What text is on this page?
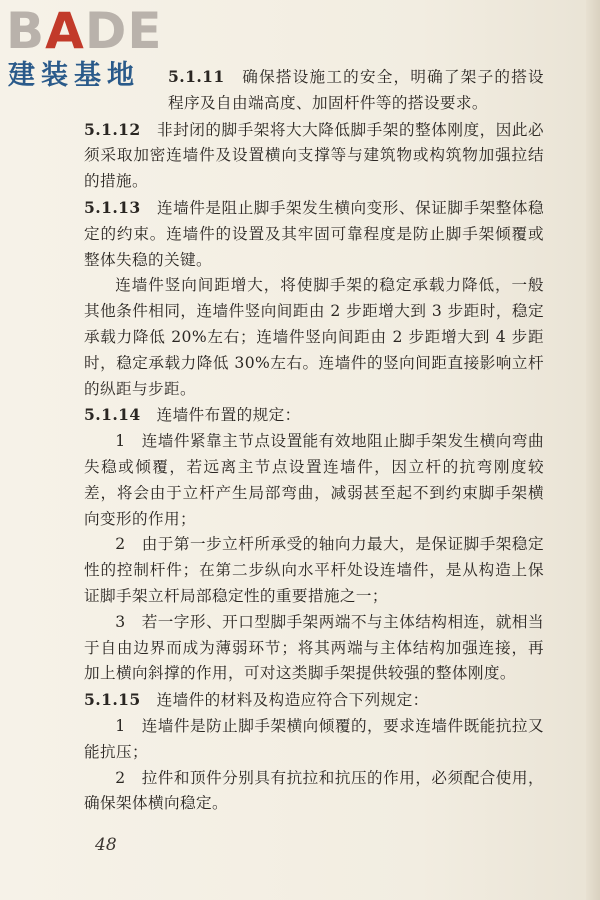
BADE
建装基地	5.1.11　 确保搭设施工的安全，明确了架子的搭设程序及自由端高度、加固杆件等的搭设要求。

5.1.12　 非封闭的脚手架将大大降低脚手架的整体刚度，因此必须采取加密连墙件及设置横向支撑等与建筑物或构筑物加强拉结的措施。

5.1.13　 连墙件是阻止脚手架发生横向变形、保证脚手架整体稳定的约束。连墙件的设置及其牢固可靠程度是防止脚手架倾覆或整体失稳的关键。

连墙件竖向间距增大，将使脚手架的稳定承载力降低，一般其他条件相同，连墙件竖向间距由 2 步距增大到 3 步距时，稳定承载力降低 20%左右；连墙件竖向间距由 2 步距增大到 4 步距时，稳定承载力降低 30%左右。连墙件的竖向间距直接影响立杆的纵距与步距。

5.1.14　 连墙件布置的规定：

1　连墙件紧靠主节点设置能有效地阻止脚手架发生横向弯曲失稳或倾覆，若远离主节点设置连墙件，因立杆的抗弯刚度较差，将会由于立杆产生局部弯曲，减弱甚至起不到约束脚手架横向变形的作用；

2　由于第一步立杆所承受的轴向力最大，是保证脚手架稳定性的控制杆件；在第二步纵向水平杆处设连墙件，是从构造上保证脚手架立杆局部稳定性的重要措施之一；

3　若一字形、开口型脚手架两端不与主体结构相连，就相当于自由边界而成为薄弱环节；将其两端与主体结构加强连接，再加上横向斜撑的作用，可对这类脚手架提供较强的整体刚度。

5.1.15　 连墙件的材料及构造应符合下列规定：

1　连墙件是防止脚手架横向倾覆的，要求连墙件既能抗拉又能抗压；

2　拉件和顶件分别具有抗拉和抗压的作用，必须配合使用，确保架体横向稳定。

48
